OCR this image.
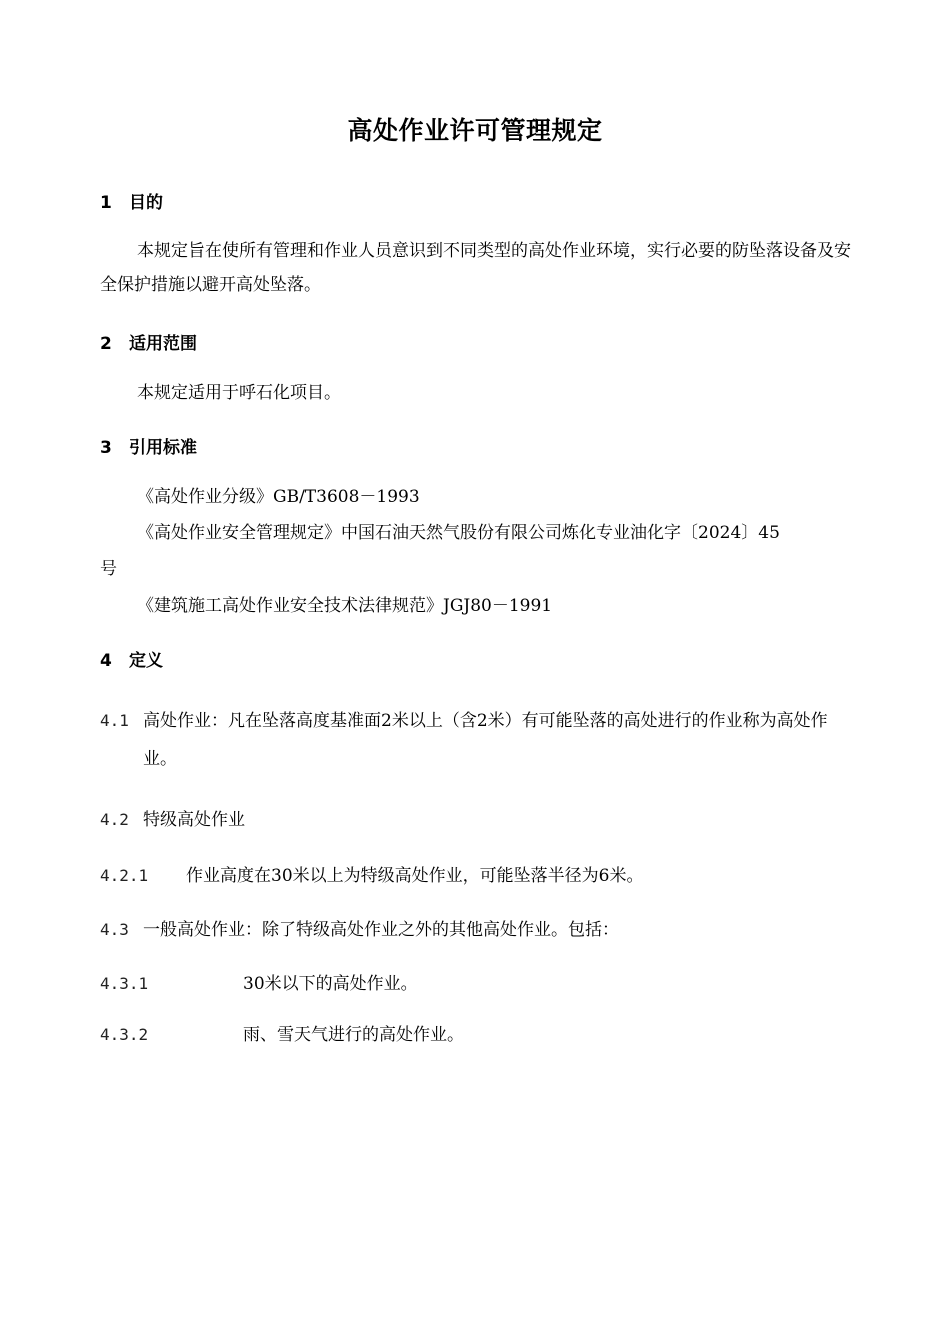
高处作业许可管理规定
1 目的

本规定旨在使所有管理和作业人员意识到不同类型的高处作业环境，实行必要的防坠落设备及安全保护措施以避开高处坠落。

2 适用范围
本规定适用于呼石化项目。
3 引用标准
《高处作业分级》GB/T3608－1993
《高处作业安全管理规定》中国石油天然气股份有限公司炼化专业油化字〔2024〕45
号
《建筑施工高处作业安全技术法律规范》JGJ80－1991
4 定义
4.1 高处作业：凡在坠落高度基准面2米以上（含2米）有可能坠落的高处进行的作业称为高处作业。
4.2 特级高处作业
4.2.1 作业高度在30米以上为特级高处作业，可能坠落半径为6米。
4.3 一般高处作业：除了特级高处作业之外的其他高处作业。包括：
4.3.1	30米以下的高处作业。
4.3.2	雨、雪天气进行的高处作业。
